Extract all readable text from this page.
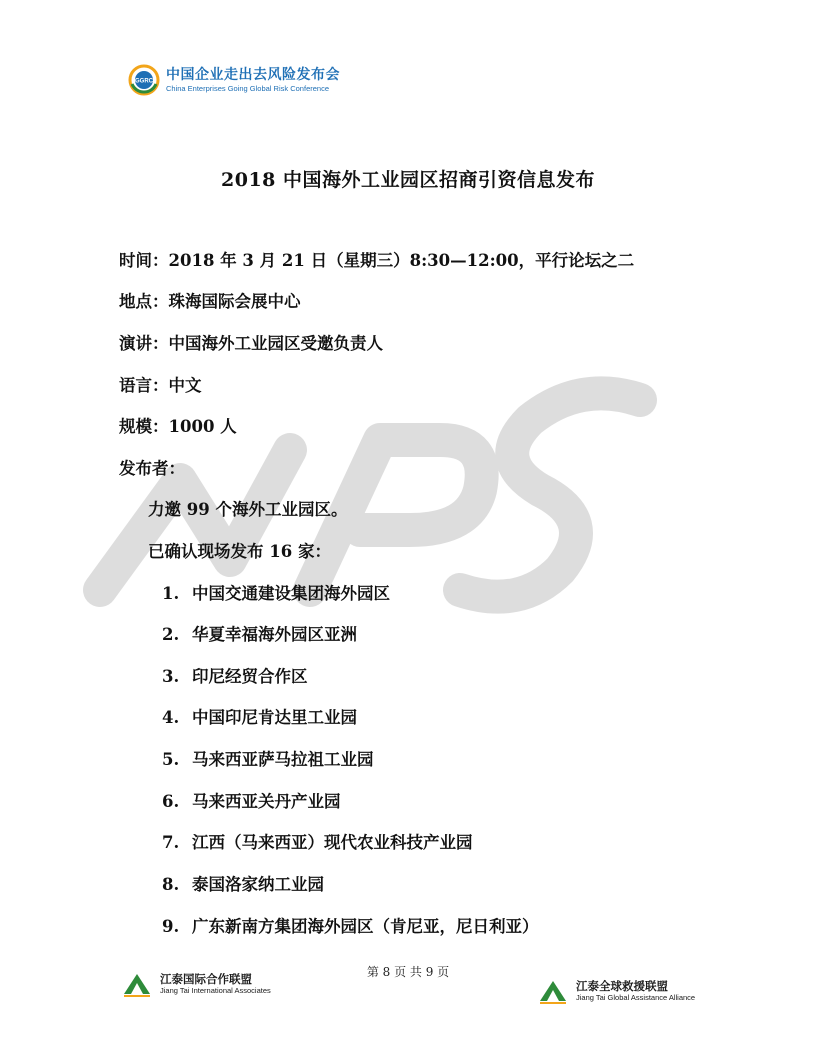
GGRC 中国企业走出去风险发布会
China Enterprises Going Global Risk Conference
2018 中国海外工业园区招商引资信息发布
时间：2018 年 3 月 21 日（星期三）8:30—12:00，平行论坛之二
地点：珠海国际会展中心
演讲：中国海外工业园区受邀负责人
语言：中文
规模：1000 人
发布者：
力邀 99 个海外工业园区。
已确认现场发布 16 家：
1. 中国交通建设集团海外园区
2. 华夏幸福海外园区亚洲
3. 印尼经贸合作区
4. 中国印尼肯达里工业园
5. 马来西亚萨马拉祖工业园
6. 马来西亚关丹产业园
7. 江西（马来西亚）现代农业科技产业园
8. 泰国洛家纳工业园
9. 广东新南方集团海外园区（肯尼亚，尼日利亚）
第 8 页 共 9 页
江泰国际合作联盟
Jiang Tai International Associates	江泰全球救援联盟
Jiang Tai Global Assistance Alliance
